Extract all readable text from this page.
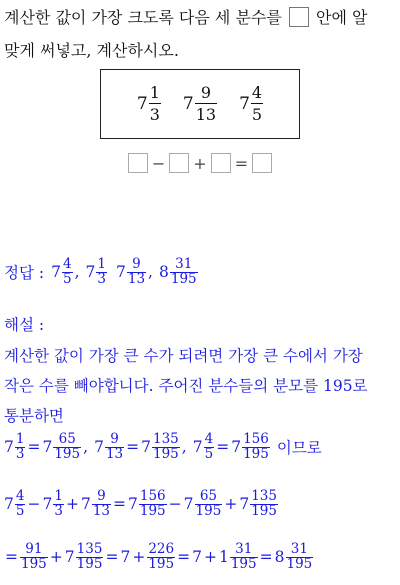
계산한 값이 가장 크도록 다음 세 분수를 안에 알
맞게 써넣고, 계산하시오.
$7 \frac{1}{3} 7 \frac{9}{13} 7 \frac{4}{5}$
− + =
정답 : $7 \frac{4}{5}$ , $7 \frac{1}{3} 7 \frac{9}{13}$ , $8 \frac{31}{195}$
해설 :
계산한 값이 가장 큰 수가 되려면 가장 큰 수에서 가장
작은 수를 빼야합니다. 주어진 분수들의 분모를 195로
통분하면
$7 \frac{1}{3} = 7 \frac{65}{195}$ , $7 \frac{9}{13} = 7 \frac{135}{195}$ , $7 \frac{4}{5} = 7 \frac{156}{195}$ 이므로
$7 \frac{4}{5} - 7 \frac{1}{3} + 7 \frac{9}{13} = 7 \frac{156}{195} - 7 \frac{65}{195} + 7 \frac{135}{195}$
= $\frac{91}{195} + 7 \frac{135}{195} = 7 + \frac{226}{195} = 7 + 1 \frac{31}{195} = 8 \frac{31}{195}$
